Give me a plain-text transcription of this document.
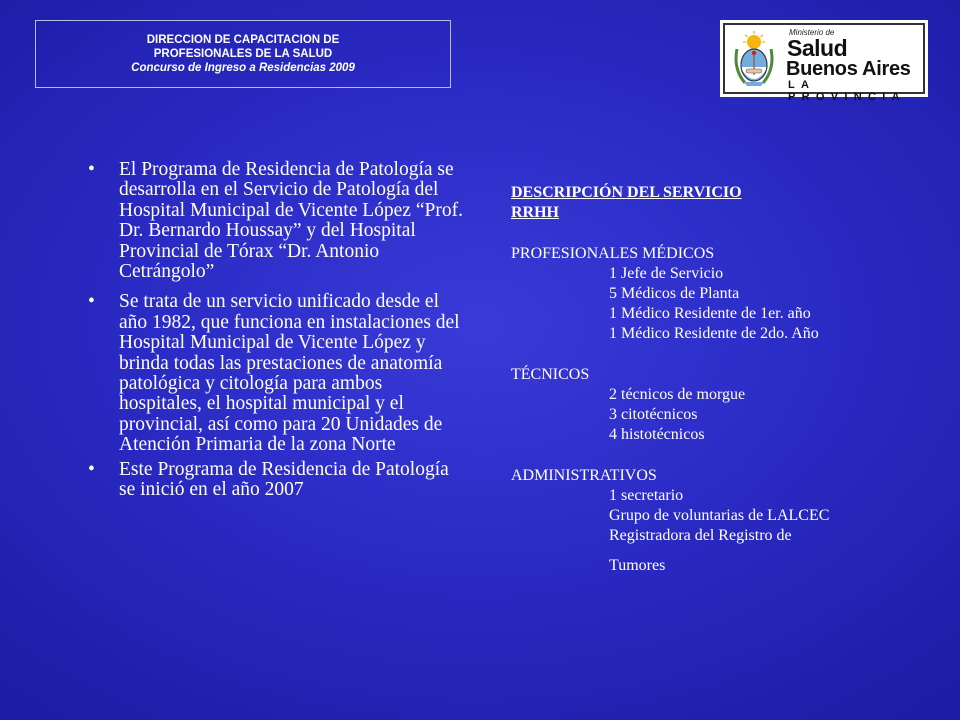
DIRECCION DE CAPACITACION DE
PROFESIONALES DE LA SALUD
Concurso de Ingreso a Residencias 2009
Ministerio de
Salud
Buenos Aires
LA PROVINCIA
• El Programa de Residencia de Patología se desarrolla en el Servicio de Patología del Hospital Municipal de Vicente López “Prof. Dr. Bernardo Houssay” y del Hospital Provincial de Tórax “Dr. Antonio Cetrángolo”
• Se trata de un servicio unificado desde el año 1982, que funciona en instalaciones del Hospital Municipal de Vicente López y brinda todas las prestaciones de anatomía patológica y citología para ambos hospitales, el hospital municipal y el provincial, así como para 20 Unidades de Atención Primaria de la zona Norte
• Este Programa de Residencia de Patología se inició en el año 2007
DESCRIPCIÓN DEL SERVICIO
RRHH
PROFESIONALES MÉDICOS
1 Jefe de Servicio
5 Médicos de Planta
1 Médico Residente de 1er. año
1 Médico Residente de 2do. Año
TÉCNICOS
2 técnicos de morgue
3 citotécnicos
4 histotécnicos
ADMINISTRATIVOS
1 secretario
Grupo de voluntarias de LALCEC
Registradora del Registro de
Tumores
